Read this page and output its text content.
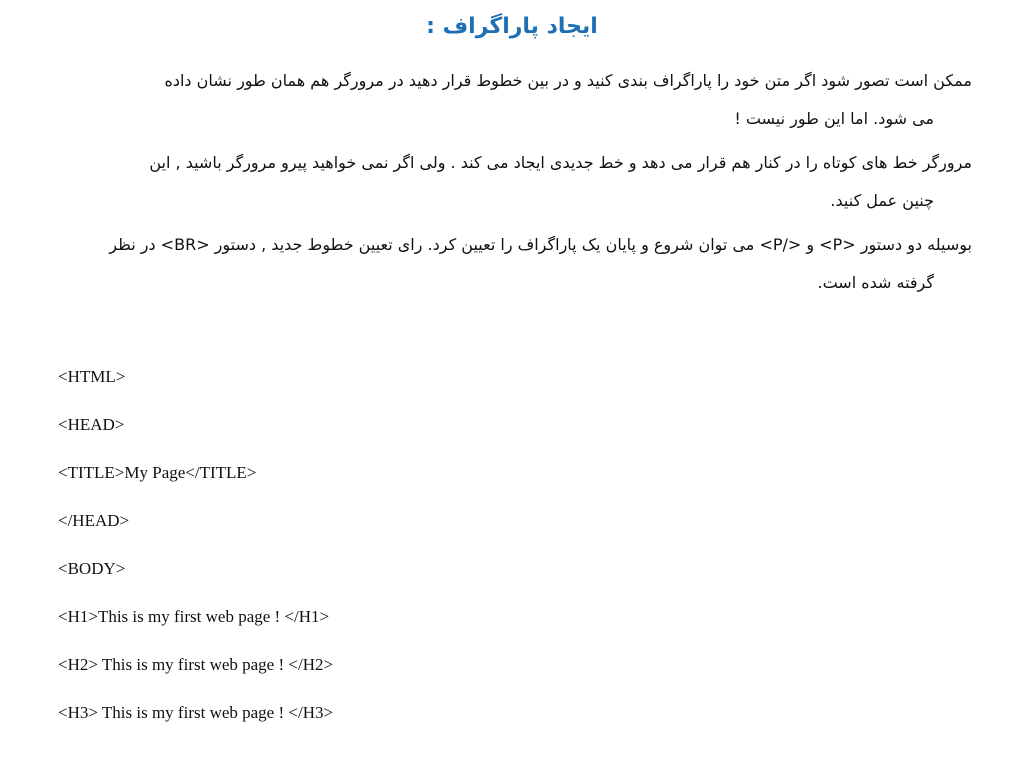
ایجاد پاراگراف :

ممکن است تصور شود اگر متن خود را پاراگراف بندی کنید و در بین خطوط قرار دهید در مرورگر هم همان طور نشان داده
می شود. اما این طور نیست !

مرورگر خط های کوتاه را در کنار هم قرار می دهد و خط جدیدی ایجاد می کند . ولی اگر نمی خواهید پیرو مرورگر باشید , این
چنین عمل کنید.

بوسیله دو دستور <P> و </P> می توان شروع و پایان یک پاراگراف را تعیین کرد. رای تعیین خطوط جدید , دستور <BR> در نظر
گرفته شده است.

<HTML>
<HEAD>
<TITLE>My Page</TITLE>
</HEAD>
<BODY>
<H1>This is my first web page ! </H1>
<H2> This is my first web page ! </H2>
<H3> This is my first web page ! </H3>
